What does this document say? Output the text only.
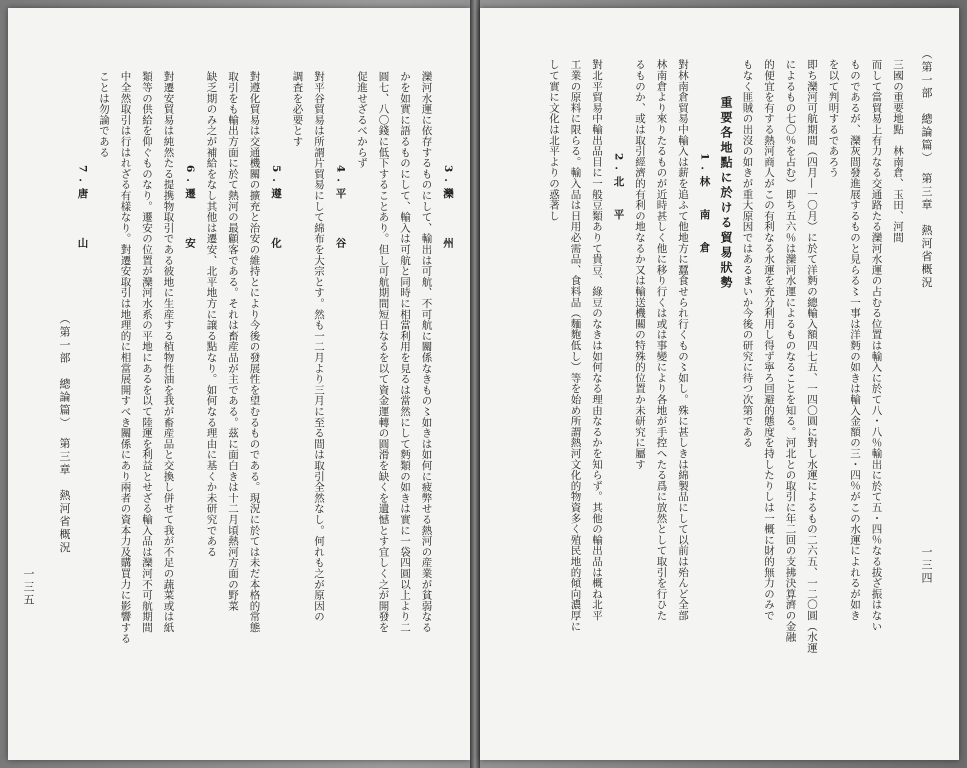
一三五
3.灤　　州
灤河水運に依存するものにして、輸出は可航、不可航に關係なきもの〻如きは如何に疲弊せる熱河の産業が貧弱なる
かを如實に語るものにして、輸入は可航と同時に相當利用を見るは當然にして麪類の如きは實に一袋四圓以上より二
圓七、八〇錢に低下することあり。但し可航期間短日なるを以て資金運轉の圓滑を缺くを遺憾とす宜しく之が開發を
促進せざるべからず
4.平　　谷
對平谷貿易は所謂片貿易にして綿布を大宗とす。然も一二月より三月に至る間は取引全然なし。何れも之が原因の
調査を必要とす
5.遵　　化
對遵化貿易は交通機關の擴充と治安の維持とにより今後の發展性を望むるものである。現況に於ては未だ本格的常態
取引をも輸出方面に於て熱河の最顧客である。それは畜産品が主である。茲に面白きは十二月頃熱河方面の野菜
缺乏期のみ之が補給をなし其他は遷安、北平地方に譲る點なり。如何なる理由に基くか未研究である
6.遷　　安
對遷安貿易は純然たる提携物取引である彼地に生産する植物性油を我が畜産品と交換し併せて我が不足の蔬菜或は紙
類等の供給を仰ぐものなり。遷安の位置が灤河水系の平地にあるを以て陸運を利益とせざる輸入品は灤河不可航期間
中全然取引は行はれざる有樣なり。對遷安取引は地理的に相當展開すべき關係にあり兩者の資本力及購買力に影響する
ことは勿論である
7.唐　　山
（第一部　總論篇）　第三章　熱河省概況
（第一部　總論篇）　第三章　熱河省概況
三國の重要地點　林南倉、玉田、河間
而して當貿易上有力なる交通路たる灤河水運の占むる位置は輸入に於て八・八％輸出に於て五・四％なる拔ざ振はない
ものであるが、灤灰間發進展するものと見らる〻一事は洋麪の如きは輸入金額の三・四％がこの水運によれるが如き
を以て判明するであろう
即ち灤河可航期間（四月—一〇月）に於て洋麪の總輸入額四七五、一四〇圓に對し水運によるもの二六五、一二〇圓（水運
によるもの七〇％を占む）即ち五六％は灤河水運によるものなることを知る。河北との取引に年二回の支拂決算濟の金融
的便宜を有する熱河商人がこの有利なる水運を充分利用し得ず寧ろ回避的態度を持したりしは一概に財的無力のみで
もなく匪賊の出沒の如きが重大原因ではあるまいか今後の研究に待つ次第である
重要各地點に於ける貿易狀勢
1.林　南　倉
對林南倉貿易中輸入は薪を追ふて他地方に蠶食せられ行くもの〻如し。殊に甚しきは綿製品にして以前は殆んど全部
林南倉より來りたるものが近時甚しく他に移り行くは或は事變により各地が手控へたる爲に放然として取引を行ひた
るものか、或は取引經濟的有利の地なるか又は輸送機關の特殊的位置か未研究に屬す
2.北　平
對北平貿易中輸出品目に一般豆類ありて貴豆、綠豆のなきは如何なる理由なるかを知らず。其他の輸出品は概ね北平
工業の原料に限らる。輸入品は日用必需品、食料品（麵麭低し）等を始め所謂熱河文化的物資多く殖民地的傾向濃厚に
して實に文化は北平よりの惑著し
一三四
